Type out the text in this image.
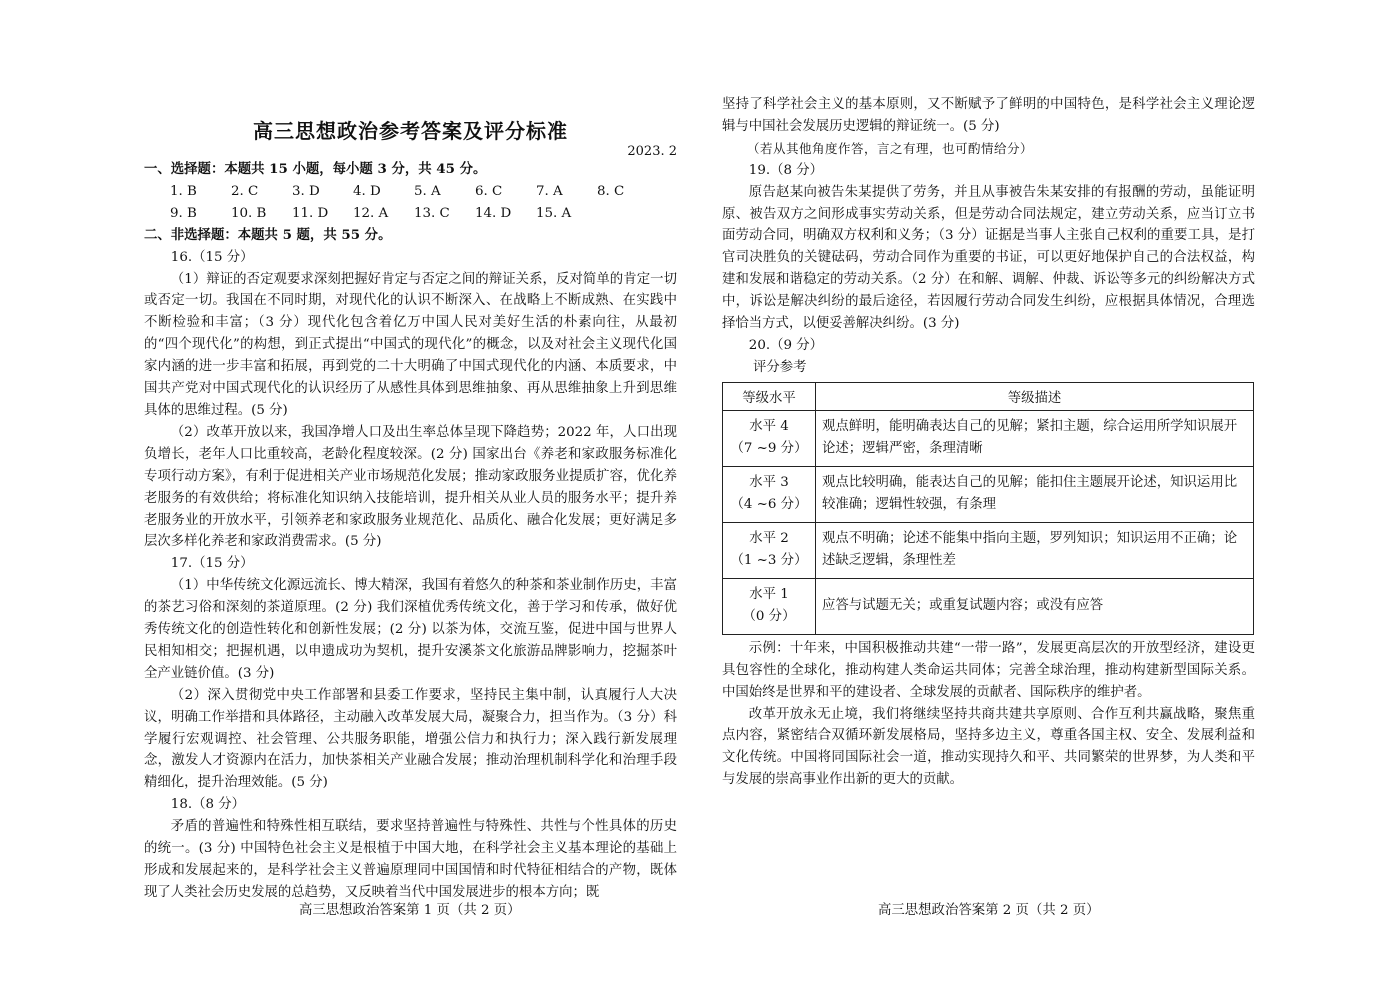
高三思想政治参考答案及评分标准
2023. 2

一、选择题：本题共 15 小题，每小题 3 分，共 45 分。

1. B	2. C	3. D	4. D	5. A	6. C	7. A	8. C
9. B	10. B	11. D	12. A	13. C	14. D	15. A

二、非选择题：本题共 5 题，共 55 分。

16.（15 分）

（1）辩证的否定观要求深刻把握好肯定与否定之间的辩证关系，反对简单的肯定一切或否定一切。我国在不同时期，对现代化的认识不断深入、在战略上不断成熟、在实践中不断检验和丰富；（3 分）现代化包含着亿万中国人民对美好生活的朴素向往，从最初的“四个现代化”的构想，到正式提出“中国式的现代化”的概念，以及对社会主义现代化国家内涵的进一步丰富和拓展，再到党的二十大明确了中国式现代化的内涵、本质要求，中国共产党对中国式现代化的认识经历了从感性具体到思维抽象、再从思维抽象上升到思维具体的思维过程。(5 分)

（2）改革开放以来，我国净增人口及出生率总体呈现下降趋势；2022 年，人口出现负增长，老年人口比重较高，老龄化程度较深。(2 分) 国家出台《养老和家政服务标准化专项行动方案》，有利于促进相关产业市场规范化发展；推动家政服务业提质扩容，优化养老服务的有效供给；将标准化知识纳入技能培训，提升相关从业人员的服务水平；提升养老服务业的开放水平，引领养老和家政服务业规范化、品质化、融合化发展；更好满足多层次多样化养老和家政消费需求。(5 分)

17.（15 分）

（1）中华传统文化源远流长、博大精深，我国有着悠久的种茶和茶业制作历史，丰富的茶艺习俗和深刻的茶道原理。(2 分) 我们深植优秀传统文化，善于学习和传承，做好优秀传统文化的创造性转化和创新性发展；(2 分) 以茶为体，交流互鉴，促进中国与世界人民相知相交；把握机遇，以申遗成功为契机，提升安溪茶文化旅游品牌影响力，挖掘茶叶全产业链价值。(3 分)

（2）深入贯彻党中央工作部署和县委工作要求，坚持民主集中制，认真履行人大决议，明确工作举措和具体路径，主动融入改革发展大局，凝聚合力，担当作为。（3 分）科学履行宏观调控、社会管理、公共服务职能，增强公信力和执行力；深入践行新发展理念，激发人才资源内在活力，加快茶相关产业融合发展；推动治理机制科学化和治理手段精细化，提升治理效能。(5 分)

18.（8 分）

矛盾的普遍性和特殊性相互联结，要求坚持普遍性与特殊性、共性与个性具体的历史的统一。(3 分) 中国特色社会主义是根植于中国大地，在科学社会主义基本理论的基础上形成和发展起来的，是科学社会主义普遍原理同中国国情和时代特征相结合的产物，既体现了人类社会历史发展的总趋势，又反映着当代中国发展进步的根本方向；既

坚持了科学社会主义的基本原则，又不断赋予了鲜明的中国特色，是科学社会主义理论逻辑与中国社会发展历史逻辑的辩证统一。(5 分)

（若从其他角度作答，言之有理，也可酌情给分）

19.（8 分）

原告赵某向被告朱某提供了劳务，并且从事被告朱某安排的有报酬的劳动，虽能证明原、被告双方之间形成事实劳动关系，但是劳动合同法规定，建立劳动关系，应当订立书面劳动合同，明确双方权利和义务；（3 分）证据是当事人主张自己权利的重要工具，是打官司决胜负的关键砝码，劳动合同作为重要的书证，可以更好地保护自己的合法权益，构建和发展和谐稳定的劳动关系。（2 分）在和解、调解、仲裁、诉讼等多元的纠纷解决方式中，诉讼是解决纠纷的最后途径，若因履行劳动合同发生纠纷，应根据具体情况，合理选择恰当方式，以便妥善解决纠纷。(3 分)

20.（9 分）

评分参考

等级水平	等级描述

水平 4
（7 ~9 分）	观点鲜明，能明确表达自己的见解；紧扣主题，综合运用所学知识展开论述；逻辑严密，条理清晰

水平 3
（4 ~6 分）	观点比较明确，能表达自己的见解；能扣住主题展开论述，知识运用比较准确；逻辑性较强，有条理

水平 2
（1 ~3 分）	观点不明确；论述不能集中指向主题，罗列知识；知识运用不正确；论述缺乏逻辑，条理性差

水平 1
（0 分）	应答与试题无关；或重复试题内容；或没有应答

示例：十年来，中国积极推动共建“一带一路”，发展更高层次的开放型经济，建设更具包容性的全球化，推动构建人类命运共同体；完善全球治理，推动构建新型国际关系。中国始终是世界和平的建设者、全球发展的贡献者、国际秩序的维护者。

改革开放永无止境，我们将继续坚持共商共建共享原则、合作互利共赢战略，聚焦重点内容，紧密结合双循环新发展格局，坚持多边主义，尊重各国主权、安全、发展利益和文化传统。中国将同国际社会一道，推动实现持久和平、共同繁荣的世界梦，为人类和平与发展的崇高事业作出新的更大的贡献。

高三思想政治答案第 1 页（共 2 页）	高三思想政治答案第 2 页（共 2 页）
